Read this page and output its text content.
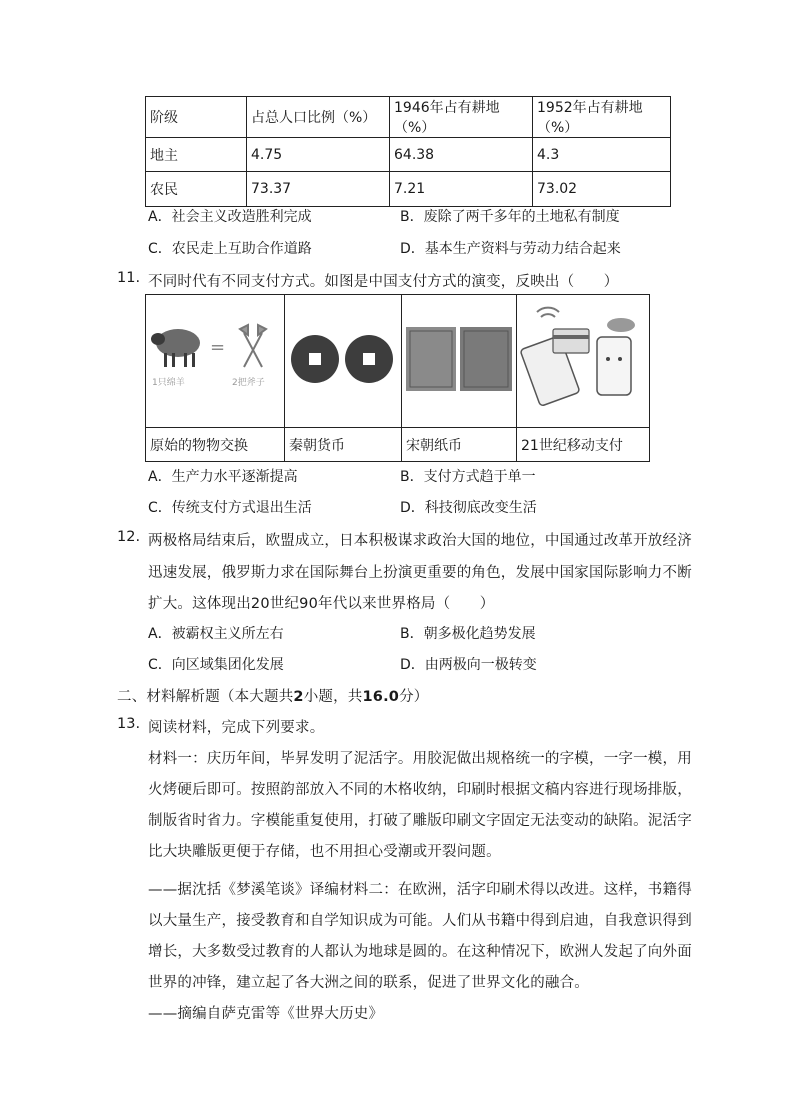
阶级	占总人口比例（%）	1946年占有耕地（%）	1952年占有耕地（%）
地主	4.75	64.38	4.3
农民	73.37	7.21	73.02
A．社会主义改造胜利完成	B．废除了两千多年的土地私有制度
C．农民走上互助合作道路	D．基本生产资料与劳动力结合起来
11. 不同时代有不同支付方式。如图是中国支付方式的演变，反映出（　　）
=
1只绵羊 2把斧子

原始的物物交换	秦朝货币	宋朝纸币	21世纪移动支付
A．生产力水平逐渐提高	B．支付方式趋于单一
C．传统支付方式退出生活	D．科技彻底改变生活
12. 两极格局结束后，欧盟成立，日本积极谋求政治大国的地位，中国通过改革开放经济
迅速发展，俄罗斯力求在国际舞台上扮演更重要的角色，发展中国家国际影响力不断
扩大。这体现出20世纪90年代以来世界格局（　　）
A．被霸权主义所左右	B．朝多极化趋势发展
C．向区域集团化发展	D．由两极向一极转变
二、材料解析题（本大题共2小题，共16.0分）
13. 阅读材料，完成下列要求。
材料一：庆历年间，毕昇发明了泥活字。用胶泥做出规格统一的字模，一字一模，用
火烤硬后即可。按照韵部放入不同的木格收纳，印刷时根据文稿内容进行现场排版，
制版省时省力。字模能重复使用，打破了雕版印刷文字固定无法变动的缺陷。泥活字
比大块雕版更便于存储，也不用担心受潮或开裂问题。
——据沈括《梦溪笔谈》译编材料二：在欧洲，活字印刷术得以改进。这样，书籍得
以大量生产，接受教育和自学知识成为可能。人们从书籍中得到启迪，自我意识得到
增长，大多数受过教育的人都认为地球是圆的。在这种情况下，欧洲人发起了向外面
世界的冲锋，建立起了各大洲之间的联系，促进了世界文化的融合。
——摘编自萨克雷等《世界大历史》
